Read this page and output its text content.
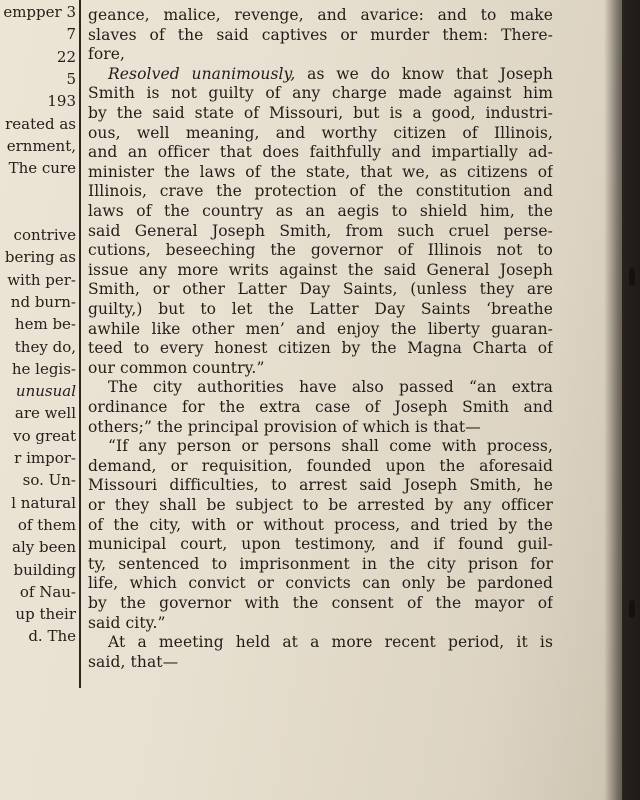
empper 3
7
22
5
193
reated as
ernment,
The cure
contrive
bering as
with per-
nd burn-
hem be-
they do,
he legis-
unusual
are well
vo great
r impor-
so. Un-
l natural
of them
aly been
building
of Nau-
up their
d. The
geance, malice, revenge, and avarice: and to make
slaves of the said captives or murder them: There-
fore,
Resolved unanimously, as we do know that Joseph
Smith is not guilty of any charge made against him
by the said state of Missouri, but is a good, industri-
ous, well meaning, and worthy citizen of Illinois,
and an officer that does faithfully and impartially ad-
minister the laws of the state, that we, as citizens of
Illinois, crave the protection of the constitution and
laws of the country as an aegis to shield him, the
said General Joseph Smith, from such cruel perse-
cutions, beseeching the governor of Illinois not to
issue any more writs against the said General Joseph
Smith, or other Latter Day Saints, (unless they are
guilty,) but to let the Latter Day Saints ‘breathe
awhile like other men’ and enjoy the liberty guaran-
teed to every honest citizen by the Magna Charta of
our common country.”
The city authorities have also passed “an extra
ordinance for the extra case of Joseph Smith and
others;” the principal provision of which is that—
“If any person or persons shall come with process,
demand, or requisition, founded upon the aforesaid
Missouri difficulties, to arrest said Joseph Smith, he
or they shall be subject to be arrested by any officer
of the city, with or without process, and tried by the
municipal court, upon testimony, and if found guil-
ty, sentenced to imprisonment in the city prison for
life, which convict or convicts can only be pardoned
by the governor with the consent of the mayor of
said city.”
At a meeting held at a more recent period, it is
said, that—
